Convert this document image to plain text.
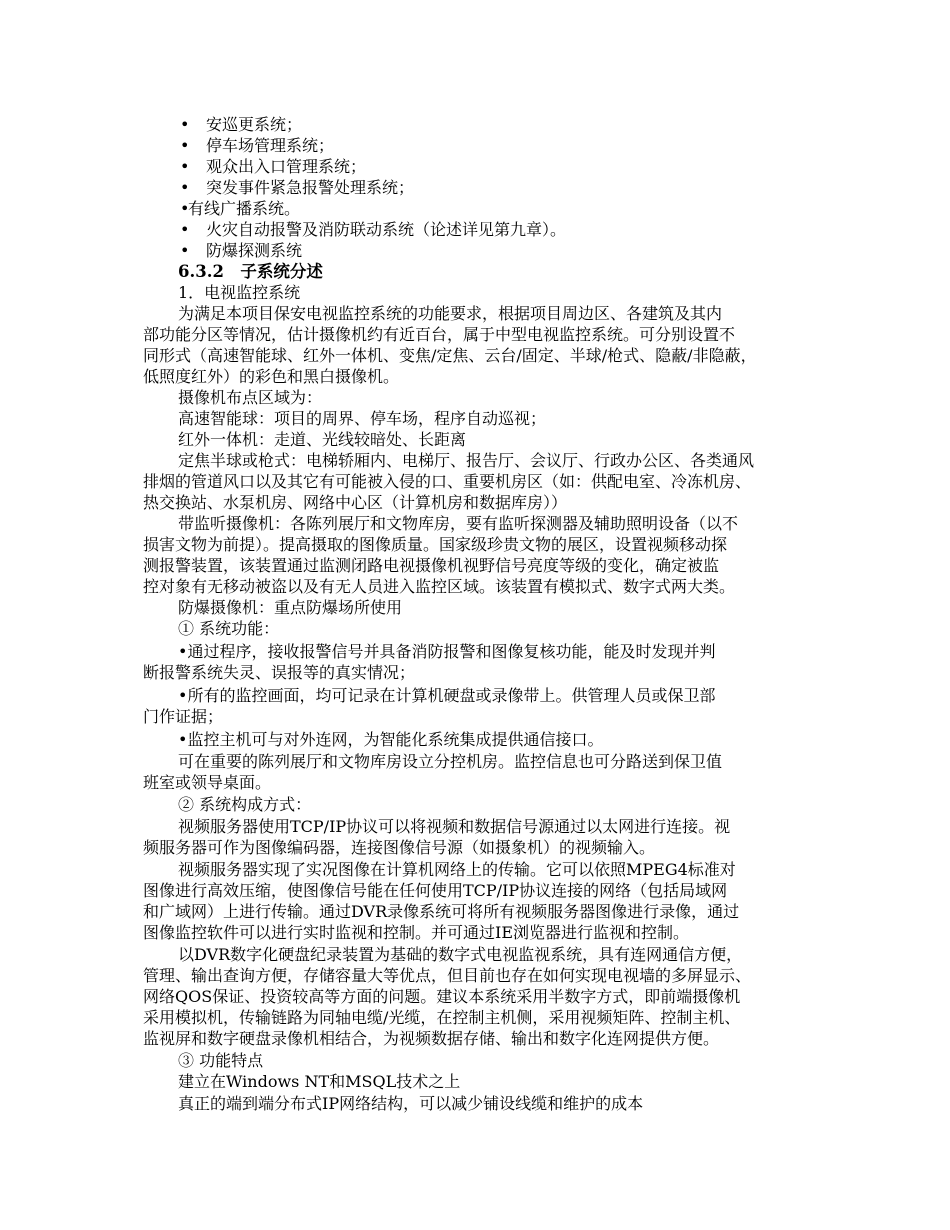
• 安巡更系统；
• 停车场管理系统；
• 观众出入口管理系统；
• 突发事件紧急报警处理系统；
•有线广播系统。
• 火灾自动报警及消防联动系统（论述详见第九章）。
• 防爆探测系统
6.3.2　子系统分述
1．电视监控系统
为满足本项目保安电视监控系统的功能要求，根据项目周边区、各建筑及其内
部功能分区等情况，估计摄像机约有近百台，属于中型电视监控系统。可分别设置不
同形式（高速智能球、红外一体机、变焦/定焦、云台/固定、半球/枪式、隐蔽/非隐蔽，
低照度红外）的彩色和黑白摄像机。
摄像机布点区域为：
高速智能球：项目的周界、停车场，程序自动巡视；
红外一体机：走道、光线较暗处、长距离
定焦半球或枪式：电梯轿厢内、电梯厅、报告厅、会议厅、行政办公区、各类通风
排烟的管道风口以及其它有可能被入侵的口、重要机房区（如：供配电室、冷冻机房、
热交换站、水泵机房、网络中心区（计算机房和数据库房））
带监听摄像机：各陈列展厅和文物库房，要有监听探测器及辅助照明设备（以不
损害文物为前提）。提高摄取的图像质量。国家级珍贵文物的展区，设置视频移动探
测报警装置，该装置通过监测闭路电视摄像机视野信号亮度等级的变化，确定被监
控对象有无移动被盗以及有无人员进入监控区域。该装置有模拟式、数字式两大类。
防爆摄像机：重点防爆场所使用
① 系统功能：
•通过程序，接收报警信号并具备消防报警和图像复核功能，能及时发现并判
断报警系统失灵、误报等的真实情况；
•所有的监控画面，均可记录在计算机硬盘或录像带上。供管理人员或保卫部
门作证据；
•监控主机可与对外连网，为智能化系统集成提供通信接口。
可在重要的陈列展厅和文物库房设立分控机房。监控信息也可分路送到保卫值
班室或领导桌面。
② 系统构成方式：
视频服务器使用TCP/IP协议可以将视频和数据信号源通过以太网进行连接。视
频服务器可作为图像编码器，连接图像信号源（如摄象机）的视频输入。
视频服务器实现了实况图像在计算机网络上的传输。它可以依照MPEG4标准对
图像进行高效压缩，使图像信号能在任何使用TCP/IP协议连接的网络（包括局域网
和广域网）上进行传输。通过DVR录像系统可将所有视频服务器图像进行录像，通过
图像监控软件可以进行实时监视和控制。并可通过IE浏览器进行监视和控制。
以DVR数字化硬盘纪录装置为基础的数字式电视监视系统，具有连网通信方便，
管理、输出查询方便，存储容量大等优点，但目前也存在如何实现电视墙的多屏显示、
网络QOS保证、投资较高等方面的问题。建议本系统采用半数字方式，即前端摄像机
采用模拟机，传输链路为同轴电缆/光缆，在控制主机侧，采用视频矩阵、控制主机、
监视屏和数字硬盘录像机相结合，为视频数据存储、输出和数字化连网提供方便。
③ 功能特点
建立在Windows NT和MSQL技术之上
真正的端到端分布式IP网络结构，可以减少铺设线缆和维护的成本
